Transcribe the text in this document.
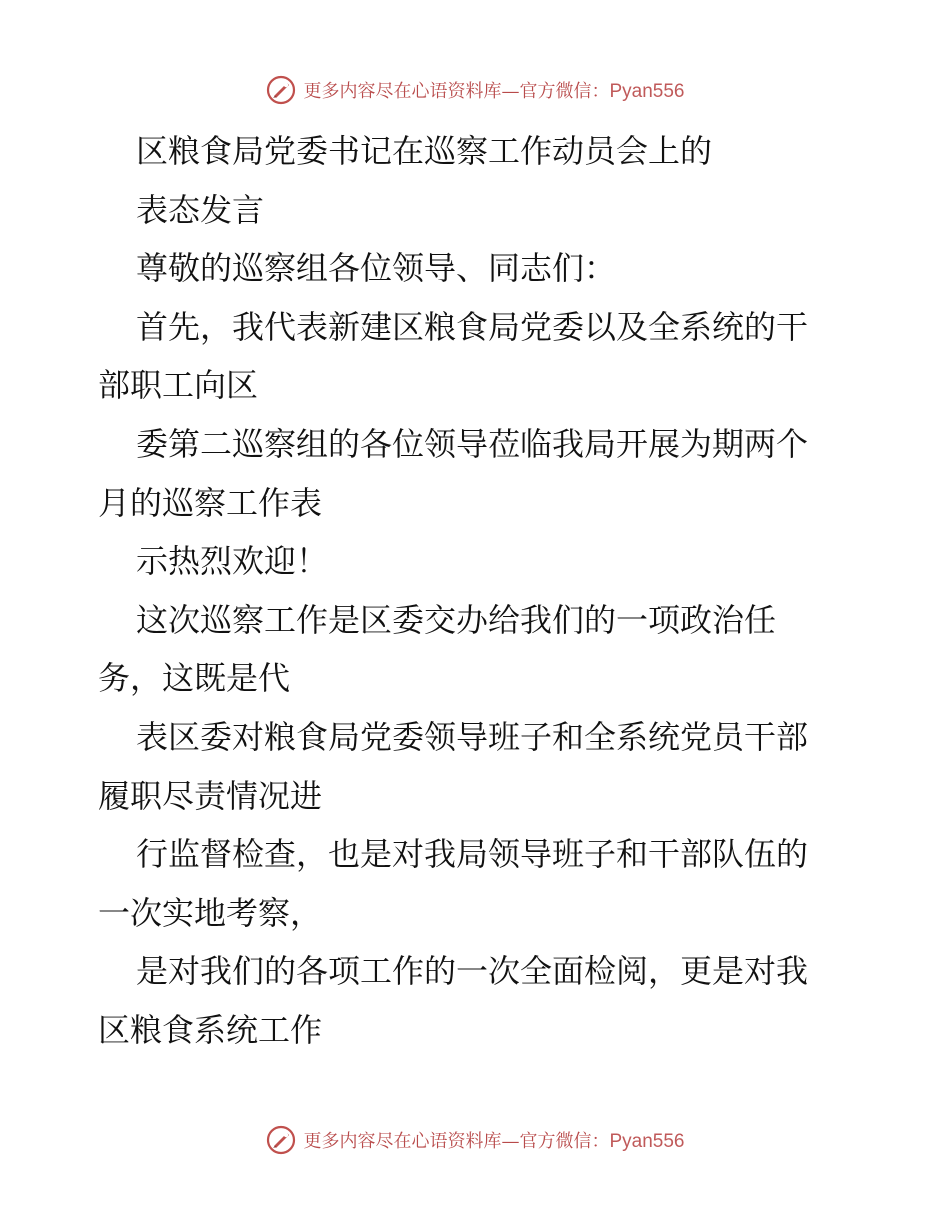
更多内容尽在心语资料库—官方微信：Pyan556
区粮食局党委书记在巡察工作动员会上的
表态发言
尊敬的巡察组各位领导、同志们：
首先，我代表新建区粮食局党委以及全系统的干
部职工向区
委第二巡察组的各位领导莅临我局开展为期两个
月的巡察工作表
示热烈欢迎！
这次巡察工作是区委交办给我们的一项政治任
务，这既是代
表区委对粮食局党委领导班子和全系统党员干部
履职尽责情况进
行监督检查，也是对我局领导班子和干部队伍的
一次实地考察，
是对我们的各项工作的一次全面检阅，更是对我
区粮食系统工作
更多内容尽在心语资料库—官方微信：Pyan556
